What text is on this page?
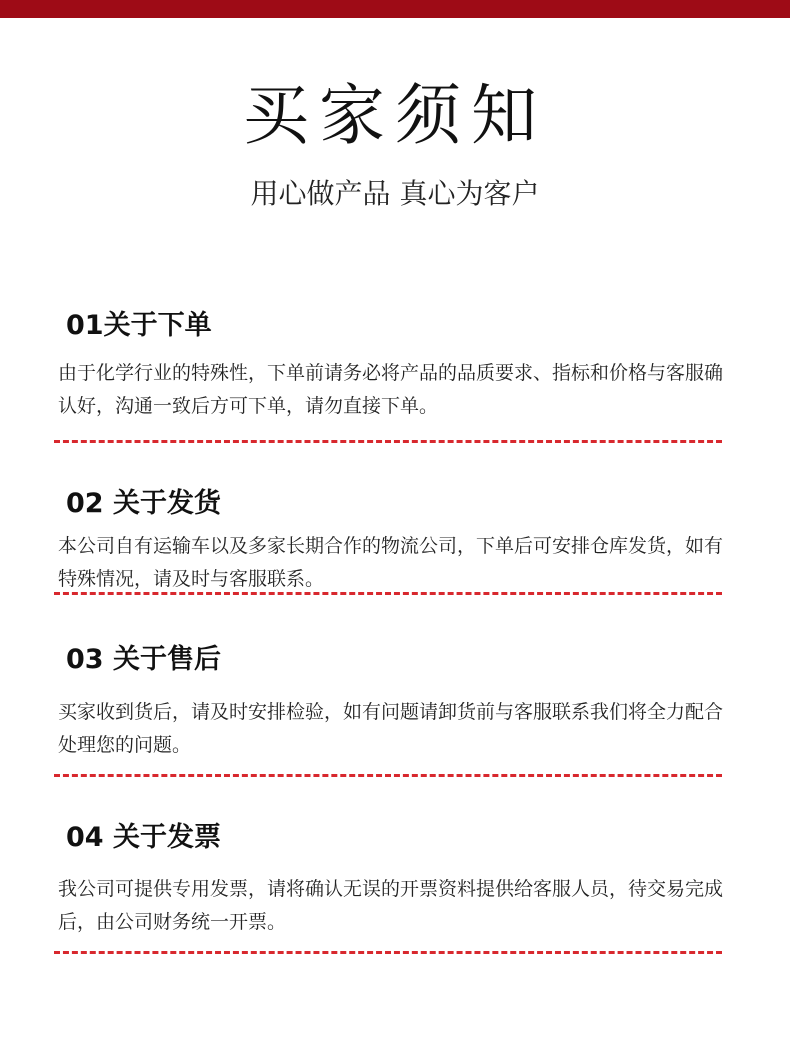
买家须知
用心做产品 真心为客户
01关于下单

由于化学行业的特殊性，下单前请务必将产品的品质要求、指标和价格与客服确认好，沟通一致后方可下单，请勿直接下单。

02 关于发货

本公司自有运输车以及多家长期合作的物流公司，下单后可安排仓库发货，如有特殊情况，请及时与客服联系。

03 关于售后

买家收到货后，请及时安排检验，如有问题请卸货前与客服联系我们将全力配合处理您的问题。

04 关于发票

我公司可提供专用发票，请将确认无误的开票资料提供给客服人员，待交易完成后，由公司财务统一开票。
